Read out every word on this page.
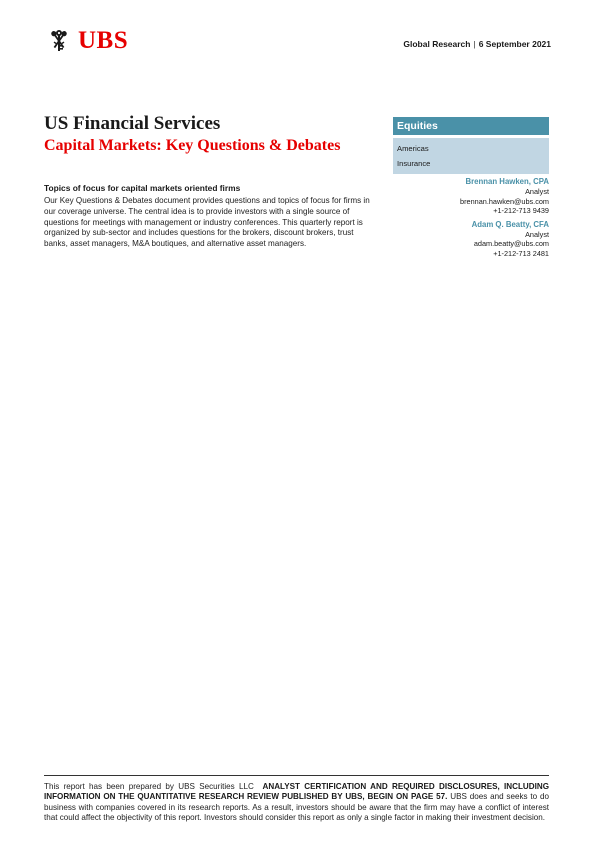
UBS	Global Research | 6 September 2021
US Financial Services
Capital Markets: Key Questions & Debates
Topics of focus for capital markets oriented firms

Our Key Questions & Debates document provides questions and topics of focus for firms in our coverage universe. The central idea is to provide investors with a single source of questions for meetings with management or industry conferences. This quarterly report is organized by sub-sector and includes questions for the brokers, discount brokers, trust banks, asset managers, M&A boutiques, and alternative asset managers.

Equities
Americas
Insurance
Brennan Hawken, CPA
Analyst
brennan.hawken@ubs.com
+1-212-713 9439
Adam Q. Beatty, CFA
Analyst
adam.beatty@ubs.com
+1-212-713 2481

This report has been prepared by UBS Securities LLC ANALYST CERTIFICATION AND REQUIRED DISCLOSURES, INCLUDING INFORMATION ON THE QUANTITATIVE RESEARCH REVIEW PUBLISHED BY UBS, BEGIN ON PAGE 57. UBS does and seeks to do business with companies covered in its research reports. As a result, investors should be aware that the firm may have a conflict of interest that could affect the objectivity of this report. Investors should consider this report as only a single factor in making their investment decision.
